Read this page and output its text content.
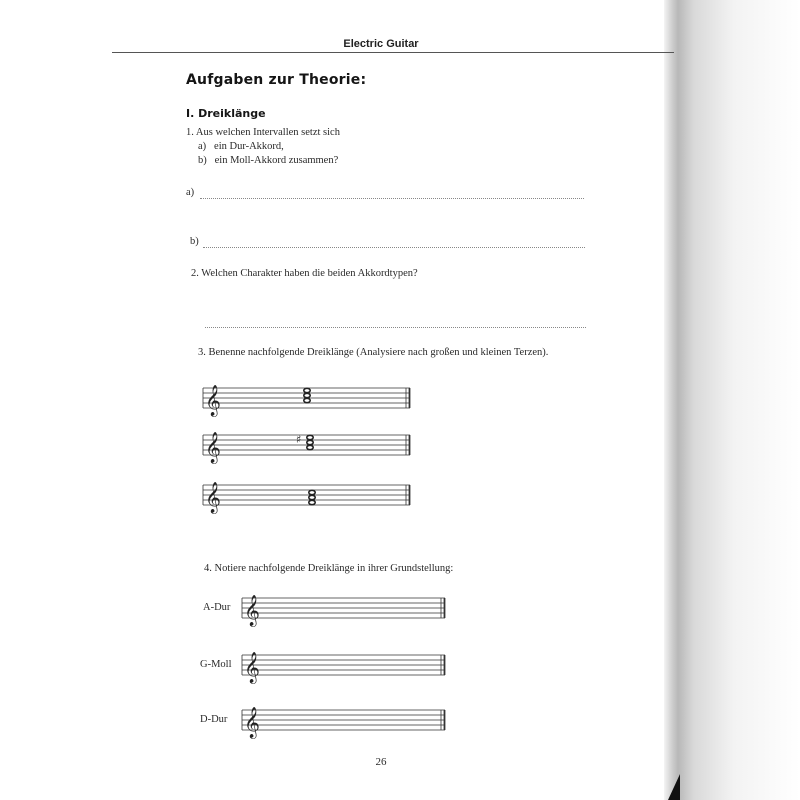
Electric Guitar
Aufgaben zur Theorie:
I. Dreiklänge
1. Aus welchen Intervallen setzt sich
a)   ein Dur-Akkord,
b)   ein Moll-Akkord zusammen?
a)
b)
2. Welchen Charakter haben die beiden Akkordtypen?
3. Benenne nachfolgende Dreiklänge (Analysiere nach großen und kleinen Terzen).
𝄞
𝄞	♯
𝄞
𝄞
𝄞
𝄞
4. Notiere nachfolgende Dreiklänge in ihrer Grundstellung:
A-Dur
G-Moll
D-Dur
26
